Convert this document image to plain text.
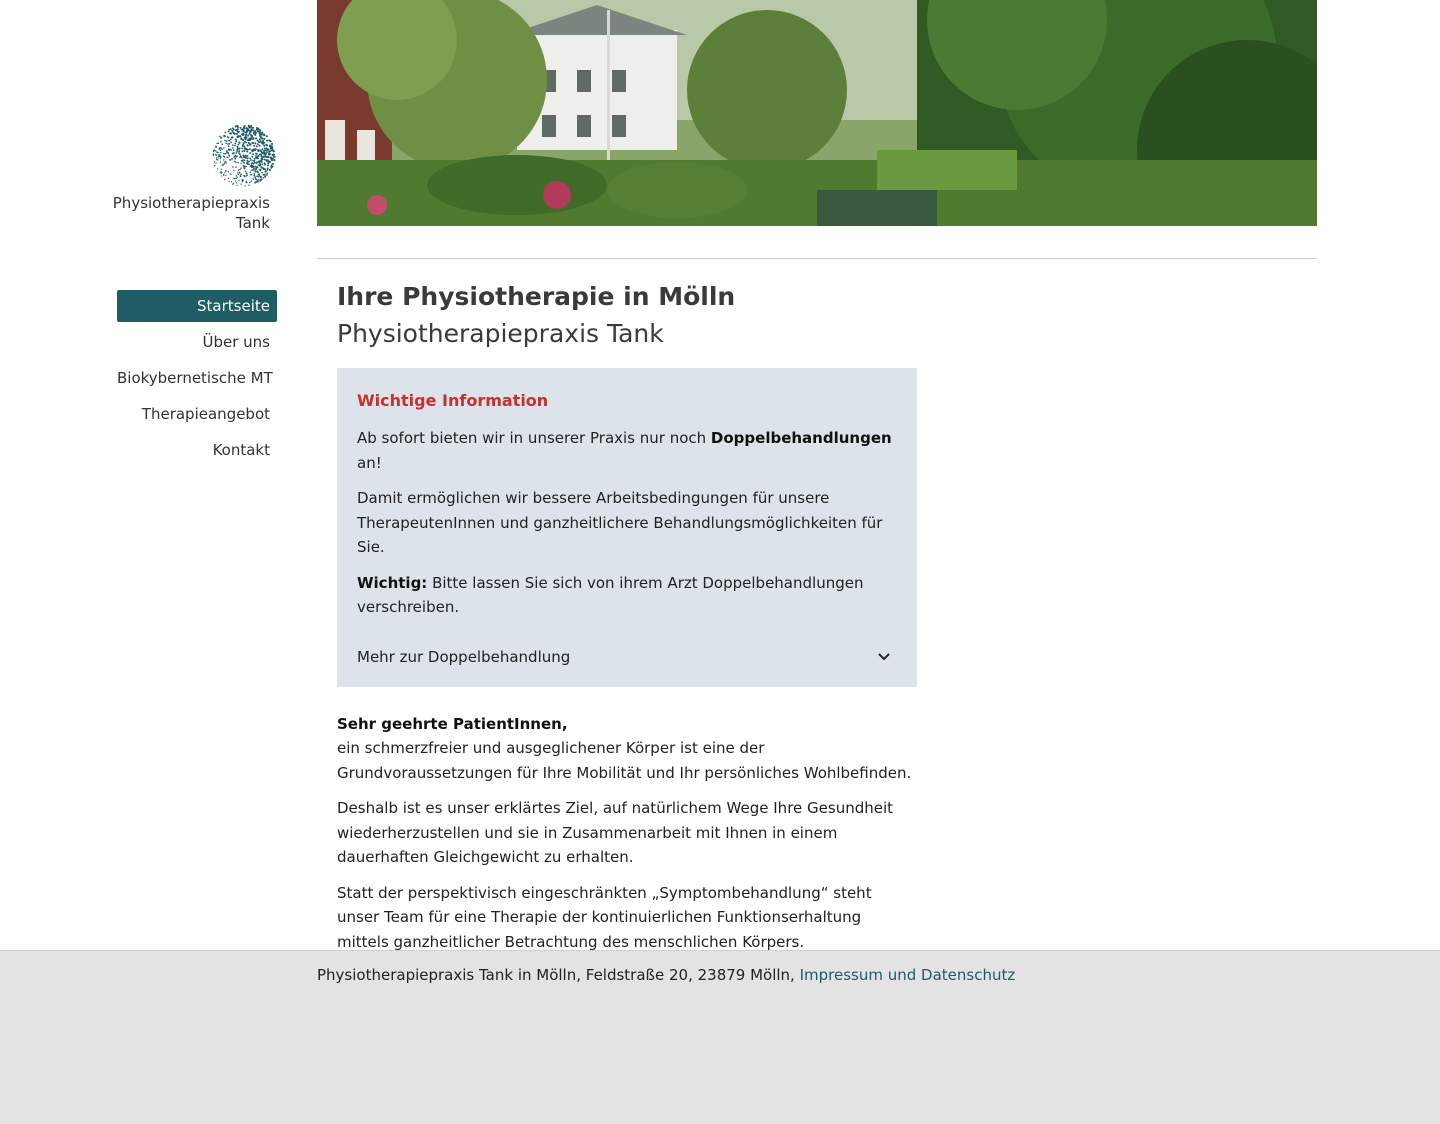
Physiotherapiepraxis
Tank
Startseite
Über uns
Biokybernetische MT
Therapieangebot
Kontakt
Ihre Physiotherapie in Mölln
Physiotherapiepraxis Tank
Wichtige Information

Ab sofort bieten wir in unserer Praxis nur noch Doppelbehandlungen an!

Damit ermöglichen wir bessere Arbeitsbedingungen für unsere TherapeutenInnen und ganzheitlichere Behandlungsmöglichkeiten für Sie.

Wichtig: Bitte lassen Sie sich von ihrem Arzt Doppelbehandlungen verschreiben.

Mehr zur Doppelbehandlung

Sehr geehrte PatientInnen,
ein schmerzfreier und ausgeglichener Körper ist eine der Grundvoraussetzungen für Ihre Mobilität und Ihr persönliches Wohlbefinden.

Deshalb ist es unser erklärtes Ziel, auf natürlichem Wege Ihre Gesundheit wiederherzustellen und sie in Zusammenarbeit mit Ihnen in einem dauerhaften Gleichgewicht zu erhalten.

Statt der perspektivisch eingeschränkten „Symptombehandlung“ steht unser Team für eine Therapie der kontinuierlichen Funktionserhaltung mittels ganzheitlicher Betrachtung des menschlichen Körpers.

Physiotherapiepraxis Tank in Mölln, Feldstraße 20, 23879 Mölln, Impressum und Datenschutz
